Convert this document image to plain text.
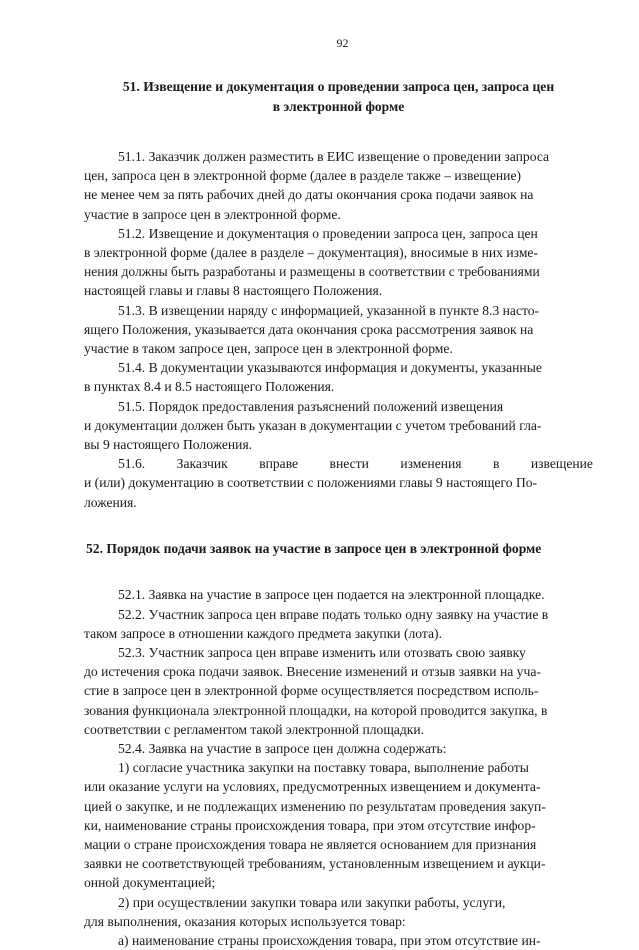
92
51. Извещение и документация о проведении запроса цен, запроса цен
в электронной форме
51.1. Заказчик должен разместить в ЕИС извещение о проведении запроса
цен, запроса цен в электронной форме (далее в разделе также – извещение)
не менее чем за пять рабочих дней до даты окончания срока подачи заявок на
участие в запросе цен в электронной форме.
51.2. Извещение и документация о проведении запроса цен, запроса цен
в электронной форме (далее в разделе – документация), вносимые в них изме-
нения должны быть разработаны и размещены в соответствии с требованиями
настоящей главы и главы 8 настоящего Положения.
51.3. В извещении наряду с информацией, указанной в пункте 8.3 насто-
ящего Положения, указывается дата окончания срока рассмотрения заявок на
участие в таком запросе цен, запросе цен в электронной форме.
51.4. В документации указываются информация и документы, указанные
в пунктах 8.4 и 8.5 настоящего Положения.
51.5. Порядок предоставления разъяснений положений извещения
и документации должен быть указан в документации с учетом требований гла-
вы 9 настоящего Положения.
51.6. Заказчик вправе внести изменения в извещение
и (или) документацию в соответствии с положениями главы 9 настоящего По-
ложения.
52. Порядок подачи заявок на участие в запросе цен в электронной форме
52.1. Заявка на участие в запросе цен подается на электронной площадке.
52.2. Участник запроса цен вправе подать только одну заявку на участие в
таком запросе в отношении каждого предмета закупки (лота).
52.3. Участник запроса цен вправе изменить или отозвать свою заявку
до истечения срока подачи заявок. Внесение изменений и отзыв заявки на уча-
стие в запросе цен в электронной форме осуществляется посредством исполь-
зования функционала электронной площадки, на которой проводится закупка, в
соответствии с регламентом такой электронной площадки.
52.4. Заявка на участие в запросе цен должна содержать:
1) согласие участника закупки на поставку товара, выполнение работы
или оказание услуги на условиях, предусмотренных извещением и документа-
цией о закупке, и не подлежащих изменению по результатам проведения закуп-
ки, наименование страны происхождения товара, при этом отсутствие инфор-
мации о стране происхождения товара не является основанием для признания
заявки не соответствующей требованиям, установленным извещением и аукци-
онной документацией;
2) при осуществлении закупки товара или закупки работы, услуги,
для выполнения, оказания которых используется товар:
а) наименование страны происхождения товара, при этом отсутствие ин-
